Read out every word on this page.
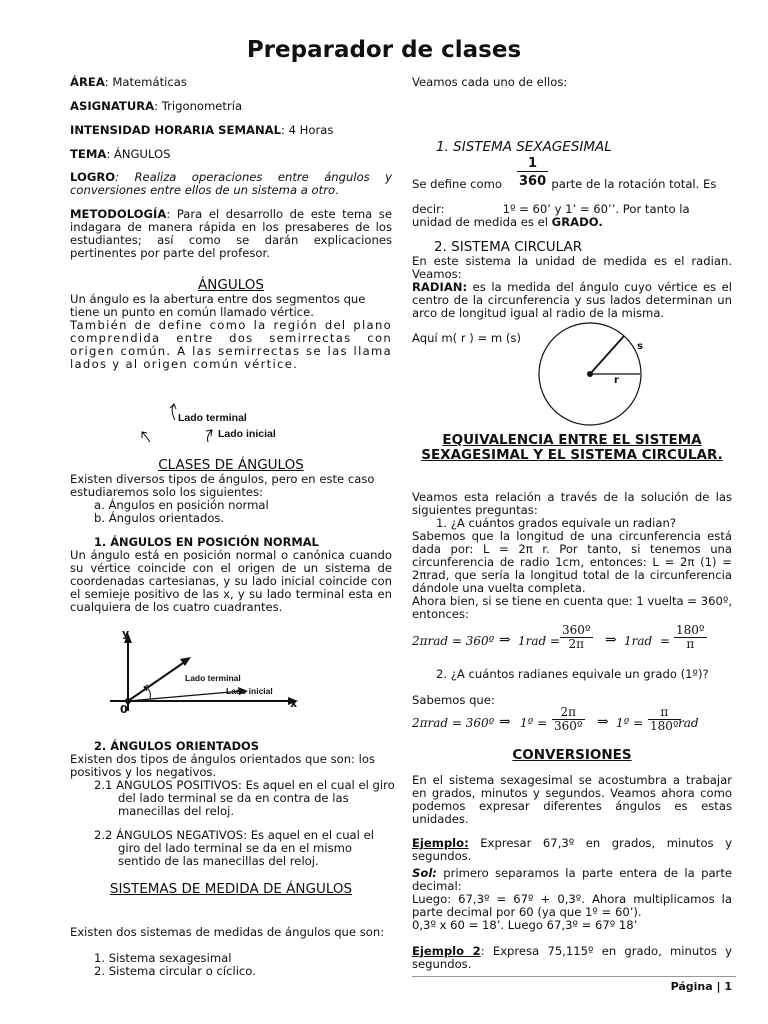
Preparador de clases
ÁREA: Matemáticas
ASIGNATURA: Trigonometría
INTENSIDAD HORARIA SEMANAL: 4 Horas
TEMA: ÁNGULOS
LOGRO: Realiza operaciones entre ángulos y conversiones entre ellos de un sistema a otro.
METODOLOGÍA: Para el desarrollo de este tema se indagara de manera rápida en los presaberes de los estudiantes; así como se darán explicaciones pertinentes por parte del profesor.
ÁNGULOS

Un ángulo es la abertura entre dos segmentos que tiene un punto en común llamado vértice.

También de define como la región del plano comprendida entre dos semirrectas con origen común. A las semirrectas se las llama lados y al origen común vértice.

Lado terminal
Lado inicial
CLASES DE ÁNGULOS

Existen diversos tipos de ángulos, pero en este caso estudiaremos solo los siguientes:

a. Ángulos en posición normal

b. Ángulos orientados.

1. ÁNGULOS EN POSICIÓN NORMAL

Un ángulo está en posición normal o canónica cuando su vértice coincide con el origen de un sistema de coordenadas cartesianas, y su lado inicial coincide con el semieje positivo de las x, y su lado terminal esta en cualquiera de los cuatro cuadrantes.

y
0	x
Lado terminal
Lado inicial
2. ÁNGULOS ORIENTADOS

Existen dos tipos de ángulos orientados que son: los positivos y los negativos.

2.1 ANGULOS POSITIVOS: Es aquel en el cual el giro del lado terminal se da en contra de las manecillas del reloj.

2.2 ÁNGULOS NEGATIVOS: Es aquel en el cual el giro del lado terminal se da en el mismo sentido de las manecillas del reloj.

SISTEMAS DE MEDIDA DE ÁNGULOS

Existen dos sistemas de medidas de ángulos que son:

1. Sistema sexagesimal

2. Sistema circular o cíclico.

Veamos cada uno de ellos:

1. SISTEMA SEXAGESIMAL
$\frac{1}{360}$

Se define como	parte de la rotación total. Es

decir:	1º = 60’ y 1’ = 60’’. Por tanto la

unidad de medida es el GRADO.

2. SISTEMA CIRCULAR

En este sistema la unidad de medida es el radian. Veamos:

RADIAN: es la medida del ángulo cuyo vértice es el centro de la circunferencia y sus lados determinan un arco de longitud igual al radio de la misma.

Aquí m( r ) = m (s)

s
r
EQUIVALENCIA ENTRE EL SISTEMA SEXAGESIMAL Y EL SISTEMA CIRCULAR.

Veamos esta relación a través de la solución de las siguientes preguntas:

1. ¿A cuántos grados equivale un radian?

Sabemos que la longitud de una circunferencia está dada por: L = 2π r. Por tanto, si tenemos una circunferencia de radio 1cm, entonces: L = 2π (1) = 2πrad, que sería la longitud total de la circunferencia dándole una vuelta completa.

Ahora bien, si se tiene en cuenta que: 1 vuelta = 360º, entonces:

2πrad = 360º ⇒ $1rad = \frac{\text{360º}}{2\pi}$ ⇒ $1rad = \frac{\text{180º}}{\pi}$

2. ¿A cuántos radianes equivale un grado (1º)?

Sabemos que:

2πrad = 360º ⇒ 1º = $\frac{2\pi}{\text{360º}}$ ⇒ 1º = $\frac{\pi}{\text{180º}}$
rad
CONVERSIONES

En el sistema sexagesimal se acostumbra a trabajar en grados, minutos y segundos. Veamos ahora como podemos expresar diferentes ángulos es estas unidades.

Ejemplo: Expresar 67,3º en grados, minutos y segundos.

Sol: primero separamos la parte entera de la parte decimal:

Luego: 67,3º = 67º + 0,3º. Ahora multiplicamos la parte decimal por 60 (ya que 1º = 60’).

0,3º x 60 = 18’. Luego 67,3º = 67º 18’

Ejemplo 2: Expresa 75,115º en grado, minutos y segundos.

Página | 1
